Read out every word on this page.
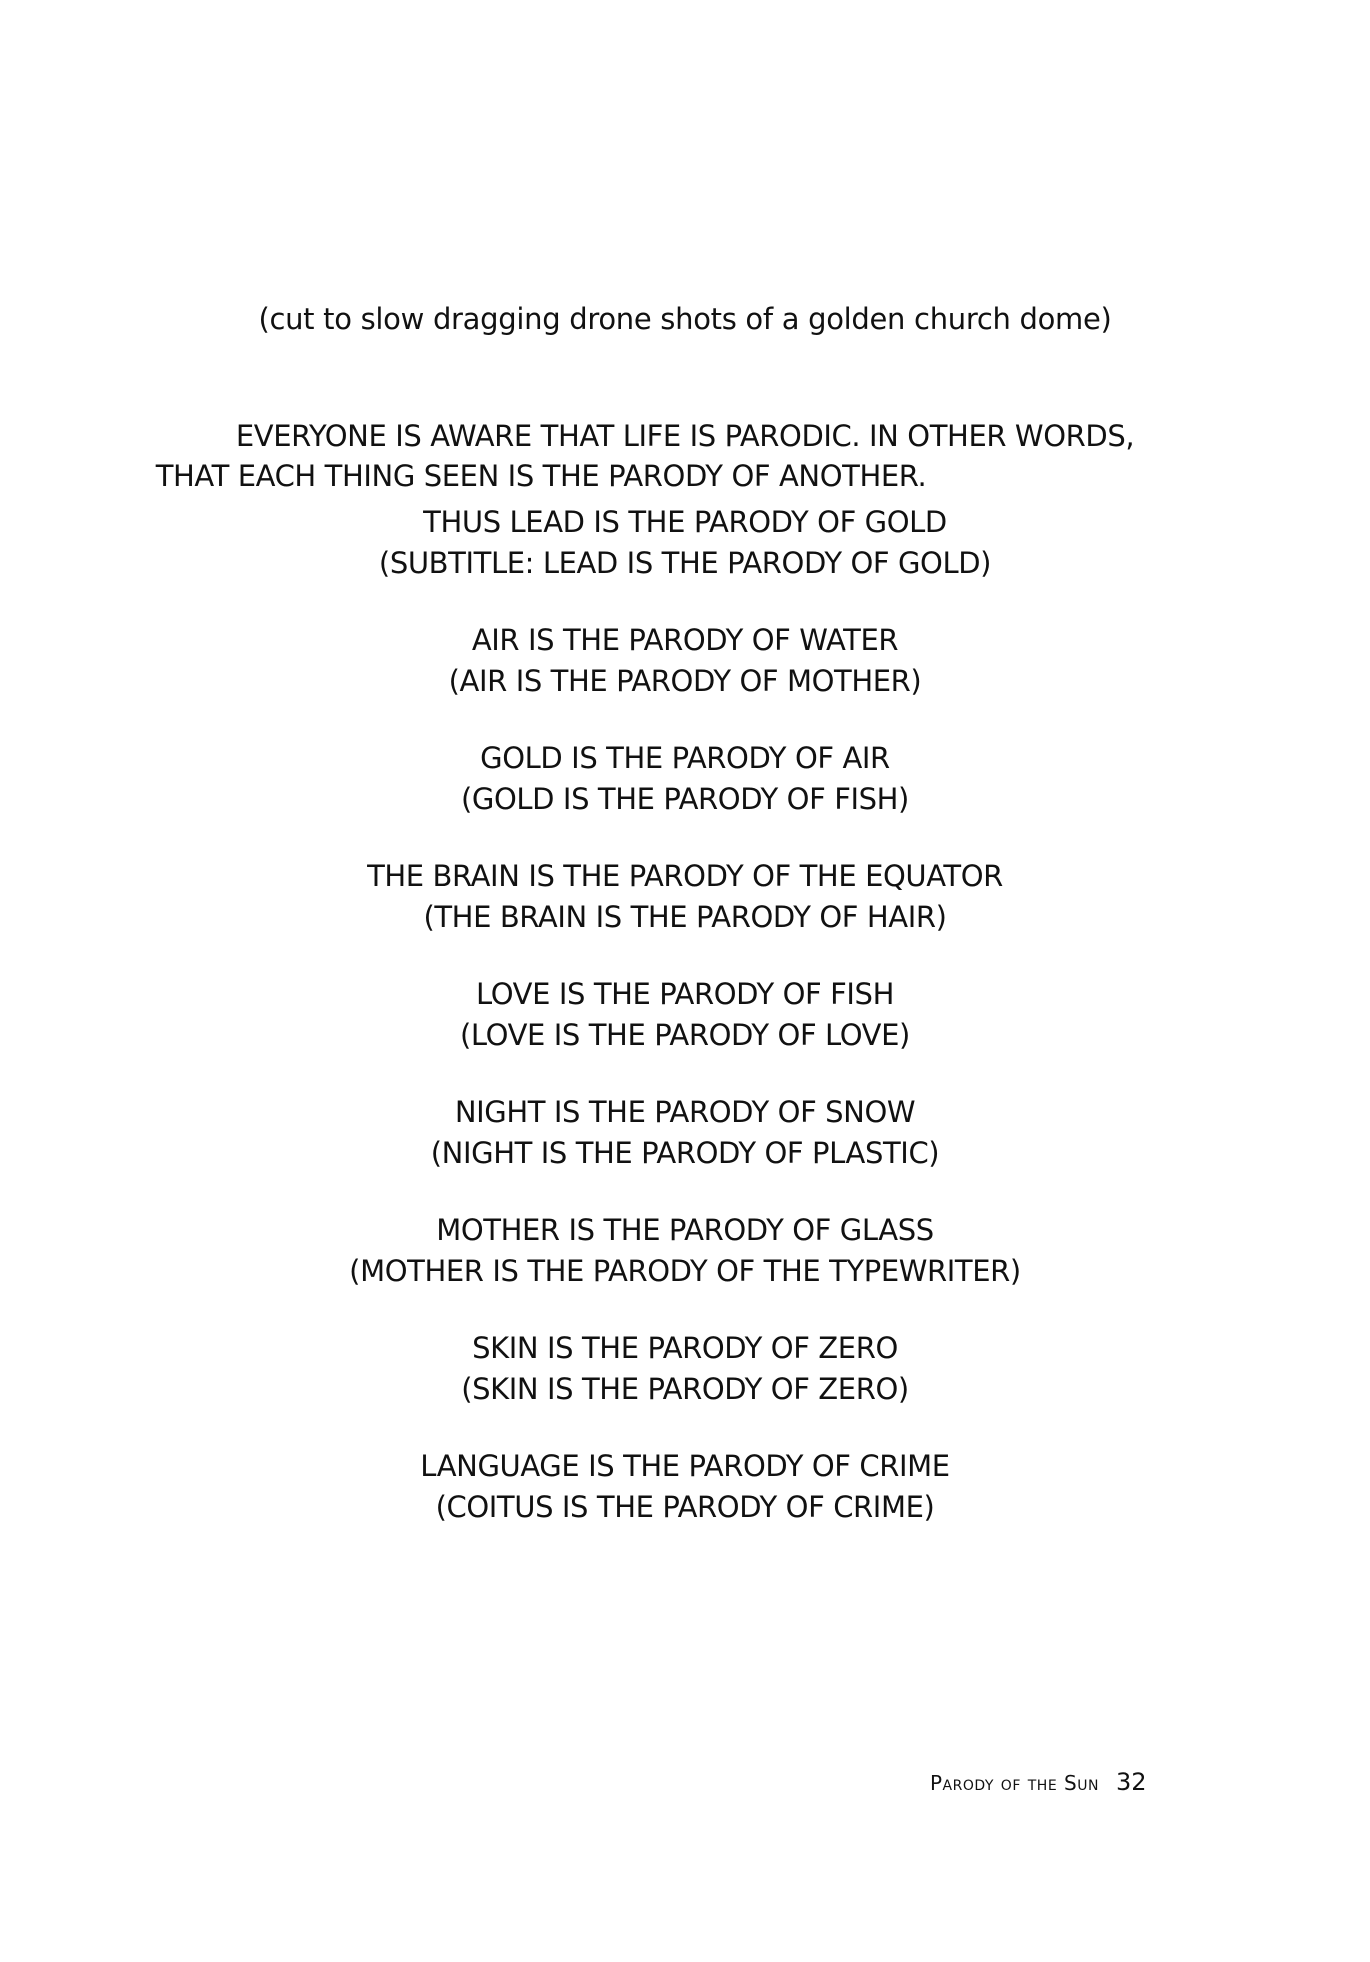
(cut to slow dragging drone shots of a golden church dome)
EVERYONE IS AWARE THAT LIFE IS PARODIC. IN OTHER WORDS,
THAT EACH THING SEEN IS THE PARODY OF ANOTHER.
THUS LEAD IS THE PARODY OF GOLD
(SUBTITLE: LEAD IS THE PARODY OF GOLD)
AIR IS THE PARODY OF WATER
(AIR IS THE PARODY OF MOTHER)
GOLD IS THE PARODY OF AIR
(GOLD IS THE PARODY OF FISH)
THE BRAIN IS THE PARODY OF THE EQUATOR
(THE BRAIN IS THE PARODY OF HAIR)
LOVE IS THE PARODY OF FISH
(LOVE IS THE PARODY OF LOVE)
NIGHT IS THE PARODY OF SNOW
(NIGHT IS THE PARODY OF PLASTIC)
MOTHER IS THE PARODY OF GLASS
(MOTHER IS THE PARODY OF THE TYPEWRITER)
SKIN IS THE PARODY OF ZERO
(SKIN IS THE PARODY OF ZERO)
LANGUAGE IS THE PARODY OF CRIME
(COITUS IS THE PARODY OF CRIME)
Parody of the Sun 32
